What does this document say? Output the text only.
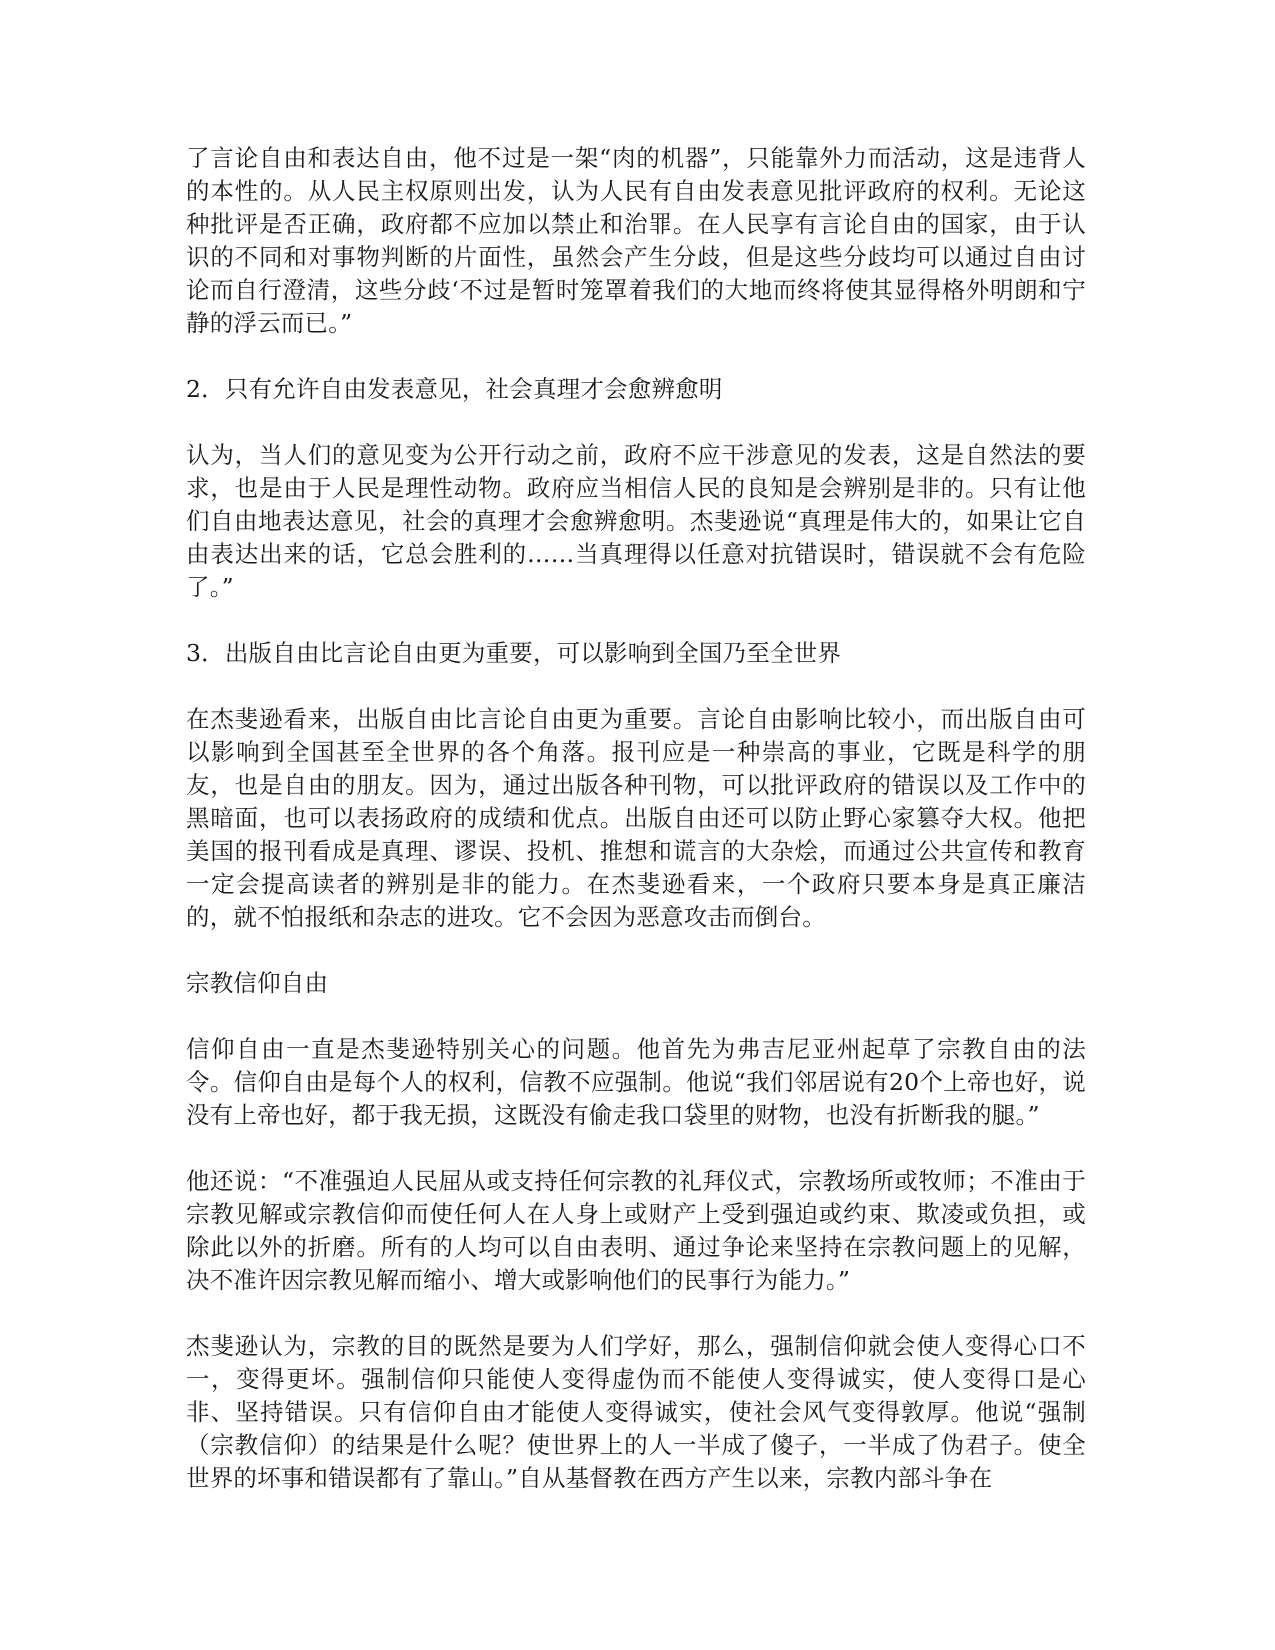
了言论自由和表达自由，他不过是一架“肉的机器”，只能靠外力而活动，这是违背人的本性的。从人民主权原则出发，认为人民有自由发表意见批评政府的权利。无论这种批评是否正确，政府都不应加以禁止和治罪。在人民享有言论自由的国家，由于认识的不同和对事物判断的片面性，虽然会产生分歧，但是这些分歧均可以通过自由讨论而自行澄清，这些分歧‘不过是暂时笼罩着我们的大地而终将使其显得格外明朗和宁静的浮云而已。”

2．只有允许自由发表意见，社会真理才会愈辨愈明

认为，当人们的意见变为公开行动之前，政府不应干涉意见的发表，这是自然法的要求，也是由于人民是理性动物。政府应当相信人民的良知是会辨别是非的。只有让他们自由地表达意见，社会的真理才会愈辨愈明。杰斐逊说“真理是伟大的，如果让它自由表达出来的话，它总会胜利的……当真理得以任意对抗错误时，错误就不会有危险了。”

3．出版自由比言论自由更为重要，可以影响到全国乃至全世界

在杰斐逊看来，出版自由比言论自由更为重要。言论自由影响比较小，而出版自由可以影响到全国甚至全世界的各个角落。报刊应是一种崇高的事业，它既是科学的朋友，也是自由的朋友。因为，通过出版各种刊物，可以批评政府的错误以及工作中的黑暗面，也可以表扬政府的成绩和优点。出版自由还可以防止野心家篡夺大权。他把美国的报刊看成是真理、谬误、投机、推想和谎言的大杂烩，而通过公共宣传和教育一定会提高读者的辨别是非的能力。在杰斐逊看来，一个政府只要本身是真正廉洁的，就不怕报纸和杂志的进攻。它不会因为恶意攻击而倒台。

宗教信仰自由

信仰自由一直是杰斐逊特别关心的问题。他首先为弗吉尼亚州起草了宗教自由的法令。信仰自由是每个人的权利，信教不应强制。他说“我们邻居说有20个上帝也好，说没有上帝也好，都于我无损，这既没有偷走我口袋里的财物，也没有折断我的腿。”

他还说：“不准强迫人民屈从或支持任何宗教的礼拜仪式，宗教场所或牧师；不准由于宗教见解或宗教信仰而使任何人在人身上或财产上受到强迫或约束、欺凌或负担，或除此以外的折磨。所有的人均可以自由表明、通过争论来坚持在宗教问题上的见解，决不准许因宗教见解而缩小、增大或影响他们的民事行为能力。”

杰斐逊认为，宗教的目的既然是要为人们学好，那么，强制信仰就会使人变得心口不一，变得更坏。强制信仰只能使人变得虚伪而不能使人变得诚实，使人变得口是心非、坚持错误。只有信仰自由才能使人变得诚实，使社会风气变得敦厚。他说“强制（宗教信仰）的结果是什么呢？使世界上的人一半成了傻子，一半成了伪君子。使全世界的坏事和错误都有了靠山。”自从基督教在西方产生以来，宗教内部斗争在
